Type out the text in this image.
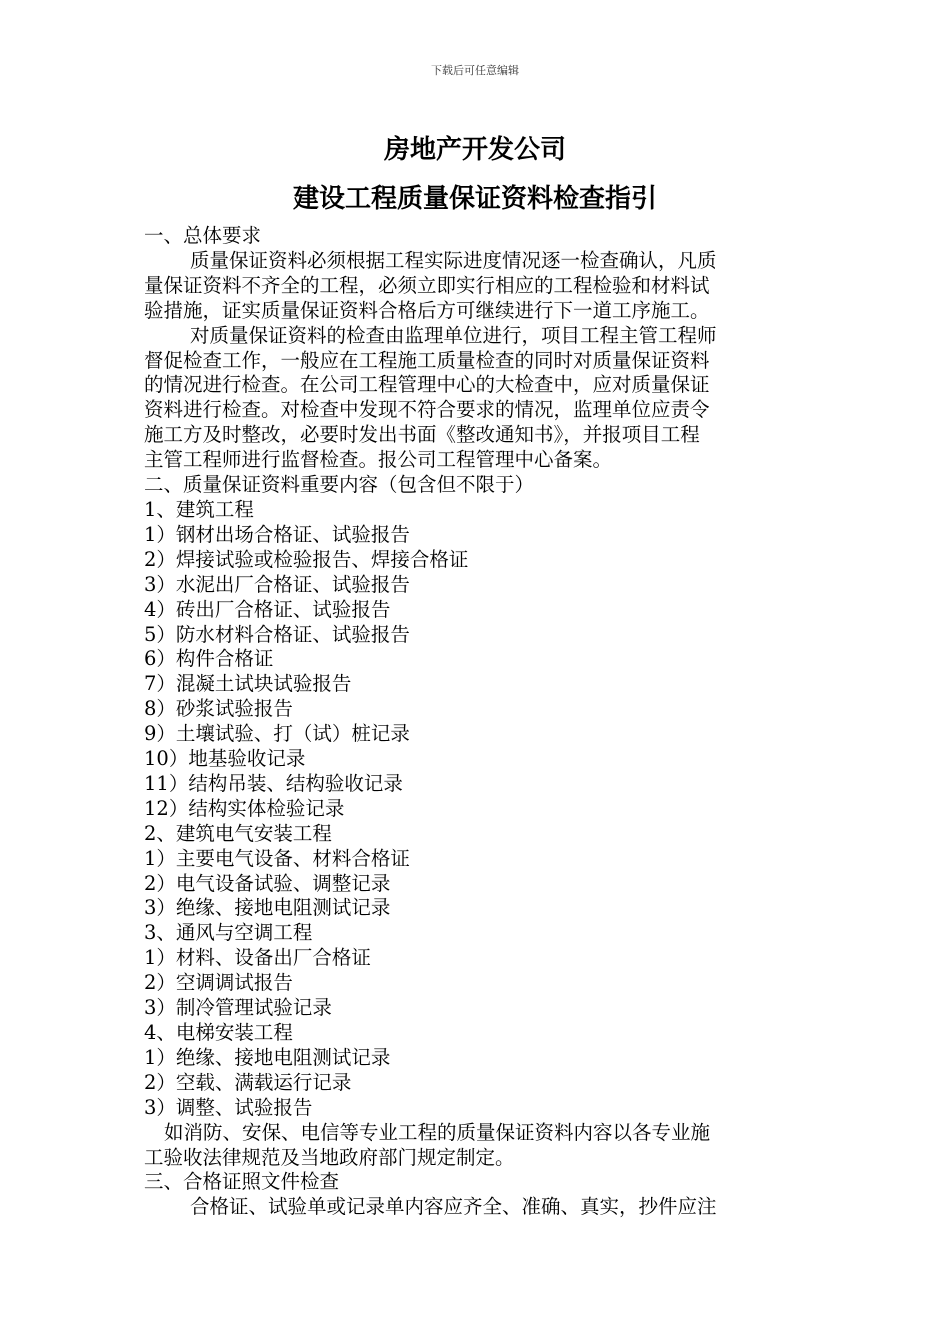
下载后可任意编辑
房地产开发公司
建设工程质量保证资料检查指引

一、总体要求

质量保证资料必须根据工程实际进度情况逐一检查确认，凡质

量保证资料不齐全的工程，必须立即实行相应的工程检验和材料试

验措施，证实质量保证资料合格后方可继续进行下一道工序施工。

对质量保证资料的检查由监理单位进行，项目工程主管工程师

督促检查工作，一般应在工程施工质量检查的同时对质量保证资料

的情况进行检查。在公司工程管理中心的大检查中，应对质量保证

资料进行检查。对检查中发现不符合要求的情况，监理单位应责令

施工方及时整改，必要时发出书面《整改通知书》，并报项目工程

主管工程师进行监督检查。报公司工程管理中心备案。

二、质量保证资料重要内容（包含但不限于）

1、建筑工程

1）钢材出场合格证、试验报告

2）焊接试验或检验报告、焊接合格证

3）水泥出厂合格证、试验报告

4）砖出厂合格证、试验报告

5）防水材料合格证、试验报告

6）构件合格证

7）混凝土试块试验报告

8）砂浆试验报告

9）土壤试验、打（试）桩记录

10）地基验收记录

11）结构吊装、结构验收记录

12）结构实体检验记录

2、建筑电气安装工程

1）主要电气设备、材料合格证

2）电气设备试验、调整记录

3）绝缘、接地电阻测试记录

3、通风与空调工程

1）材料、设备出厂合格证

2）空调调试报告

3）制冷管理试验记录

4、电梯安装工程

1）绝缘、接地电阻测试记录

2）空载、满载运行记录

3）调整、试验报告

如消防、安保、电信等专业工程的质量保证资料内容以各专业施

工验收法律规范及当地政府部门规定制定。

三、合格证照文件检查

合格证、试验单或记录单内容应齐全、准确、真实，抄件应注
